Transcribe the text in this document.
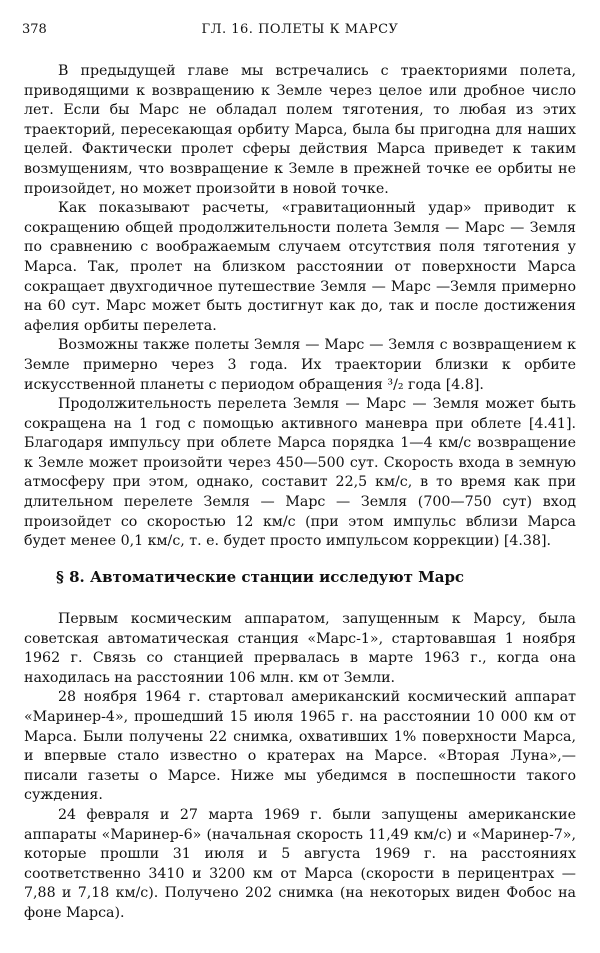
378	ГЛ. 16. ПОЛЕТЫ К МАРСУ

В предыдущей главе мы встречались с траекториями полета, приводящими к возвращению к Земле через целое или дробное число лет. Если бы Марс не обладал полем тяготения, то любая из этих траекторий, пересекающая орбиту Марса, была бы пригодна для наших целей. Фактически пролет сферы действия Марса приведет к таким возмущениям, что возвращение к Земле в прежней точке ее орбиты не произойдет, но может произойти в новой точке.

Как показывают расчеты, «гравитационный удар» приводит к сокращению общей продолжительности полета Земля — Марс — Земля по сравнению с воображаемым случаем отсутствия поля тяготения у Марса. Так, пролет на близком расстоянии от поверхности Марса сокращает двухгодичное путешествие Земля — Марс —Земля примерно на 60 сут. Марс может быть достигнут как до, так и после достижения афелия орбиты перелета.

Возможны также полеты Земля — Марс — Земля с возвращением к Земле примерно через 3 года. Их траектории близки к орбите искусственной планеты с периодом обращения ³/₂ года [4.8].

Продолжительность перелета Земля — Марс — Земля может быть сокращена на 1 год с помощью активного маневра при облете [4.41]. Благодаря импульсу при облете Марса порядка 1—4 км/с возвращение к Земле может произойти через 450—500 сут. Скорость входа в земную атмосферу при этом, однако, составит 22,5 км/с, в то время как при длительном перелете Земля — Марс — Земля (700—750 сут) вход произойдет со скоростью 12 км/с (при этом импульс вблизи Марса будет менее 0,1 км/с, т. е. будет просто импульсом коррекции) [4.38].

§ 8. Автоматические станции исследуют Марс

Первым космическим аппаратом, запущенным к Марсу, была советская автоматическая станция «Марс-1», стартовавшая 1 ноября 1962 г. Связь со станцией прервалась в марте 1963 г., когда она находилась на расстоянии 106 млн. км от Земли.

28 ноября 1964 г. стартовал американский космический аппарат «Маринер-4», прошедший 15 июля 1965 г. на расстоянии 10 000 км от Марса. Были получены 22 снимка, охвативших 1% поверхности Марса, и впервые стало известно о кратерах на Марсе. «Вторая Луна»,— писали газеты о Марсе. Ниже мы убедимся в поспешности такого суждения.

24 февраля и 27 марта 1969 г. были запущены американские аппараты «Маринер-6» (начальная скорость 11,49 км/с) и «Маринер-7», которые прошли 31 июля и 5 августа 1969 г. на расстояниях соответственно 3410 и 3200 км от Марса (скорости в перицентрах — 7,88 и 7,18 км/с). Получено 202 снимка (на некоторых виден Фобос на фоне Марса).
